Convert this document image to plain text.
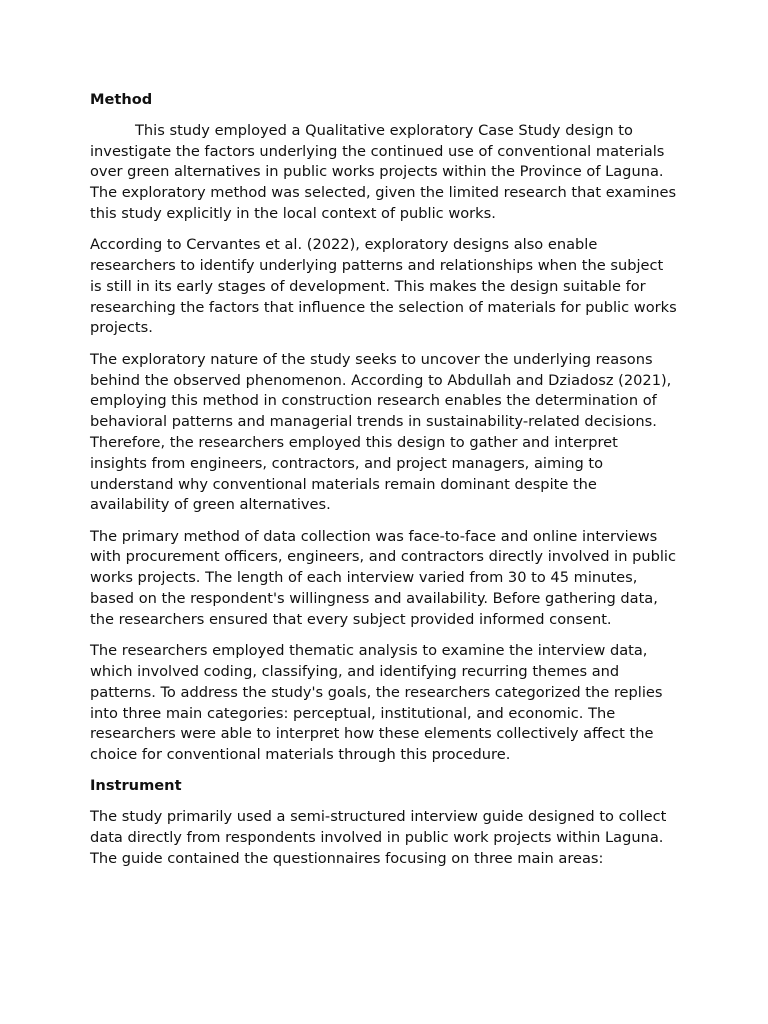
Method

This study employed a Qualitative exploratory Case Study design to investigate the factors underlying the continued use of conventional materials over green alternatives in public works projects within the Province of Laguna. The exploratory method was selected, given the limited research that examines this study explicitly in the local context of public works.

According to Cervantes et al. (2022), exploratory designs also enable researchers to identify underlying patterns and relationships when the subject is still in its early stages of development. This makes the design suitable for researching the factors that influence the selection of materials for public works projects.

The exploratory nature of the study seeks to uncover the underlying reasons behind the observed phenomenon. According to Abdullah and Dziadosz (2021), employing this method in construction research enables the determination of behavioral patterns and managerial trends in sustainability-related decisions. Therefore, the researchers employed this design to gather and interpret insights from engineers, contractors, and project managers, aiming to understand why conventional materials remain dominant despite the availability of green alternatives.

The primary method of data collection was face-to-face and online interviews with procurement officers, engineers, and contractors directly involved in public works projects. The length of each interview varied from 30 to 45 minutes, based on the respondent's willingness and availability. Before gathering data, the researchers ensured that every subject provided informed consent.

The researchers employed thematic analysis to examine the interview data, which involved coding, classifying, and identifying recurring themes and patterns. To address the study's goals, the researchers categorized the replies into three main categories: perceptual, institutional, and economic. The researchers were able to interpret how these elements collectively affect the choice for conventional materials through this procedure.

Instrument

The study primarily used a semi-structured interview guide designed to collect data directly from respondents involved in public work projects within Laguna. The guide contained the questionnaires focusing on three main areas:
